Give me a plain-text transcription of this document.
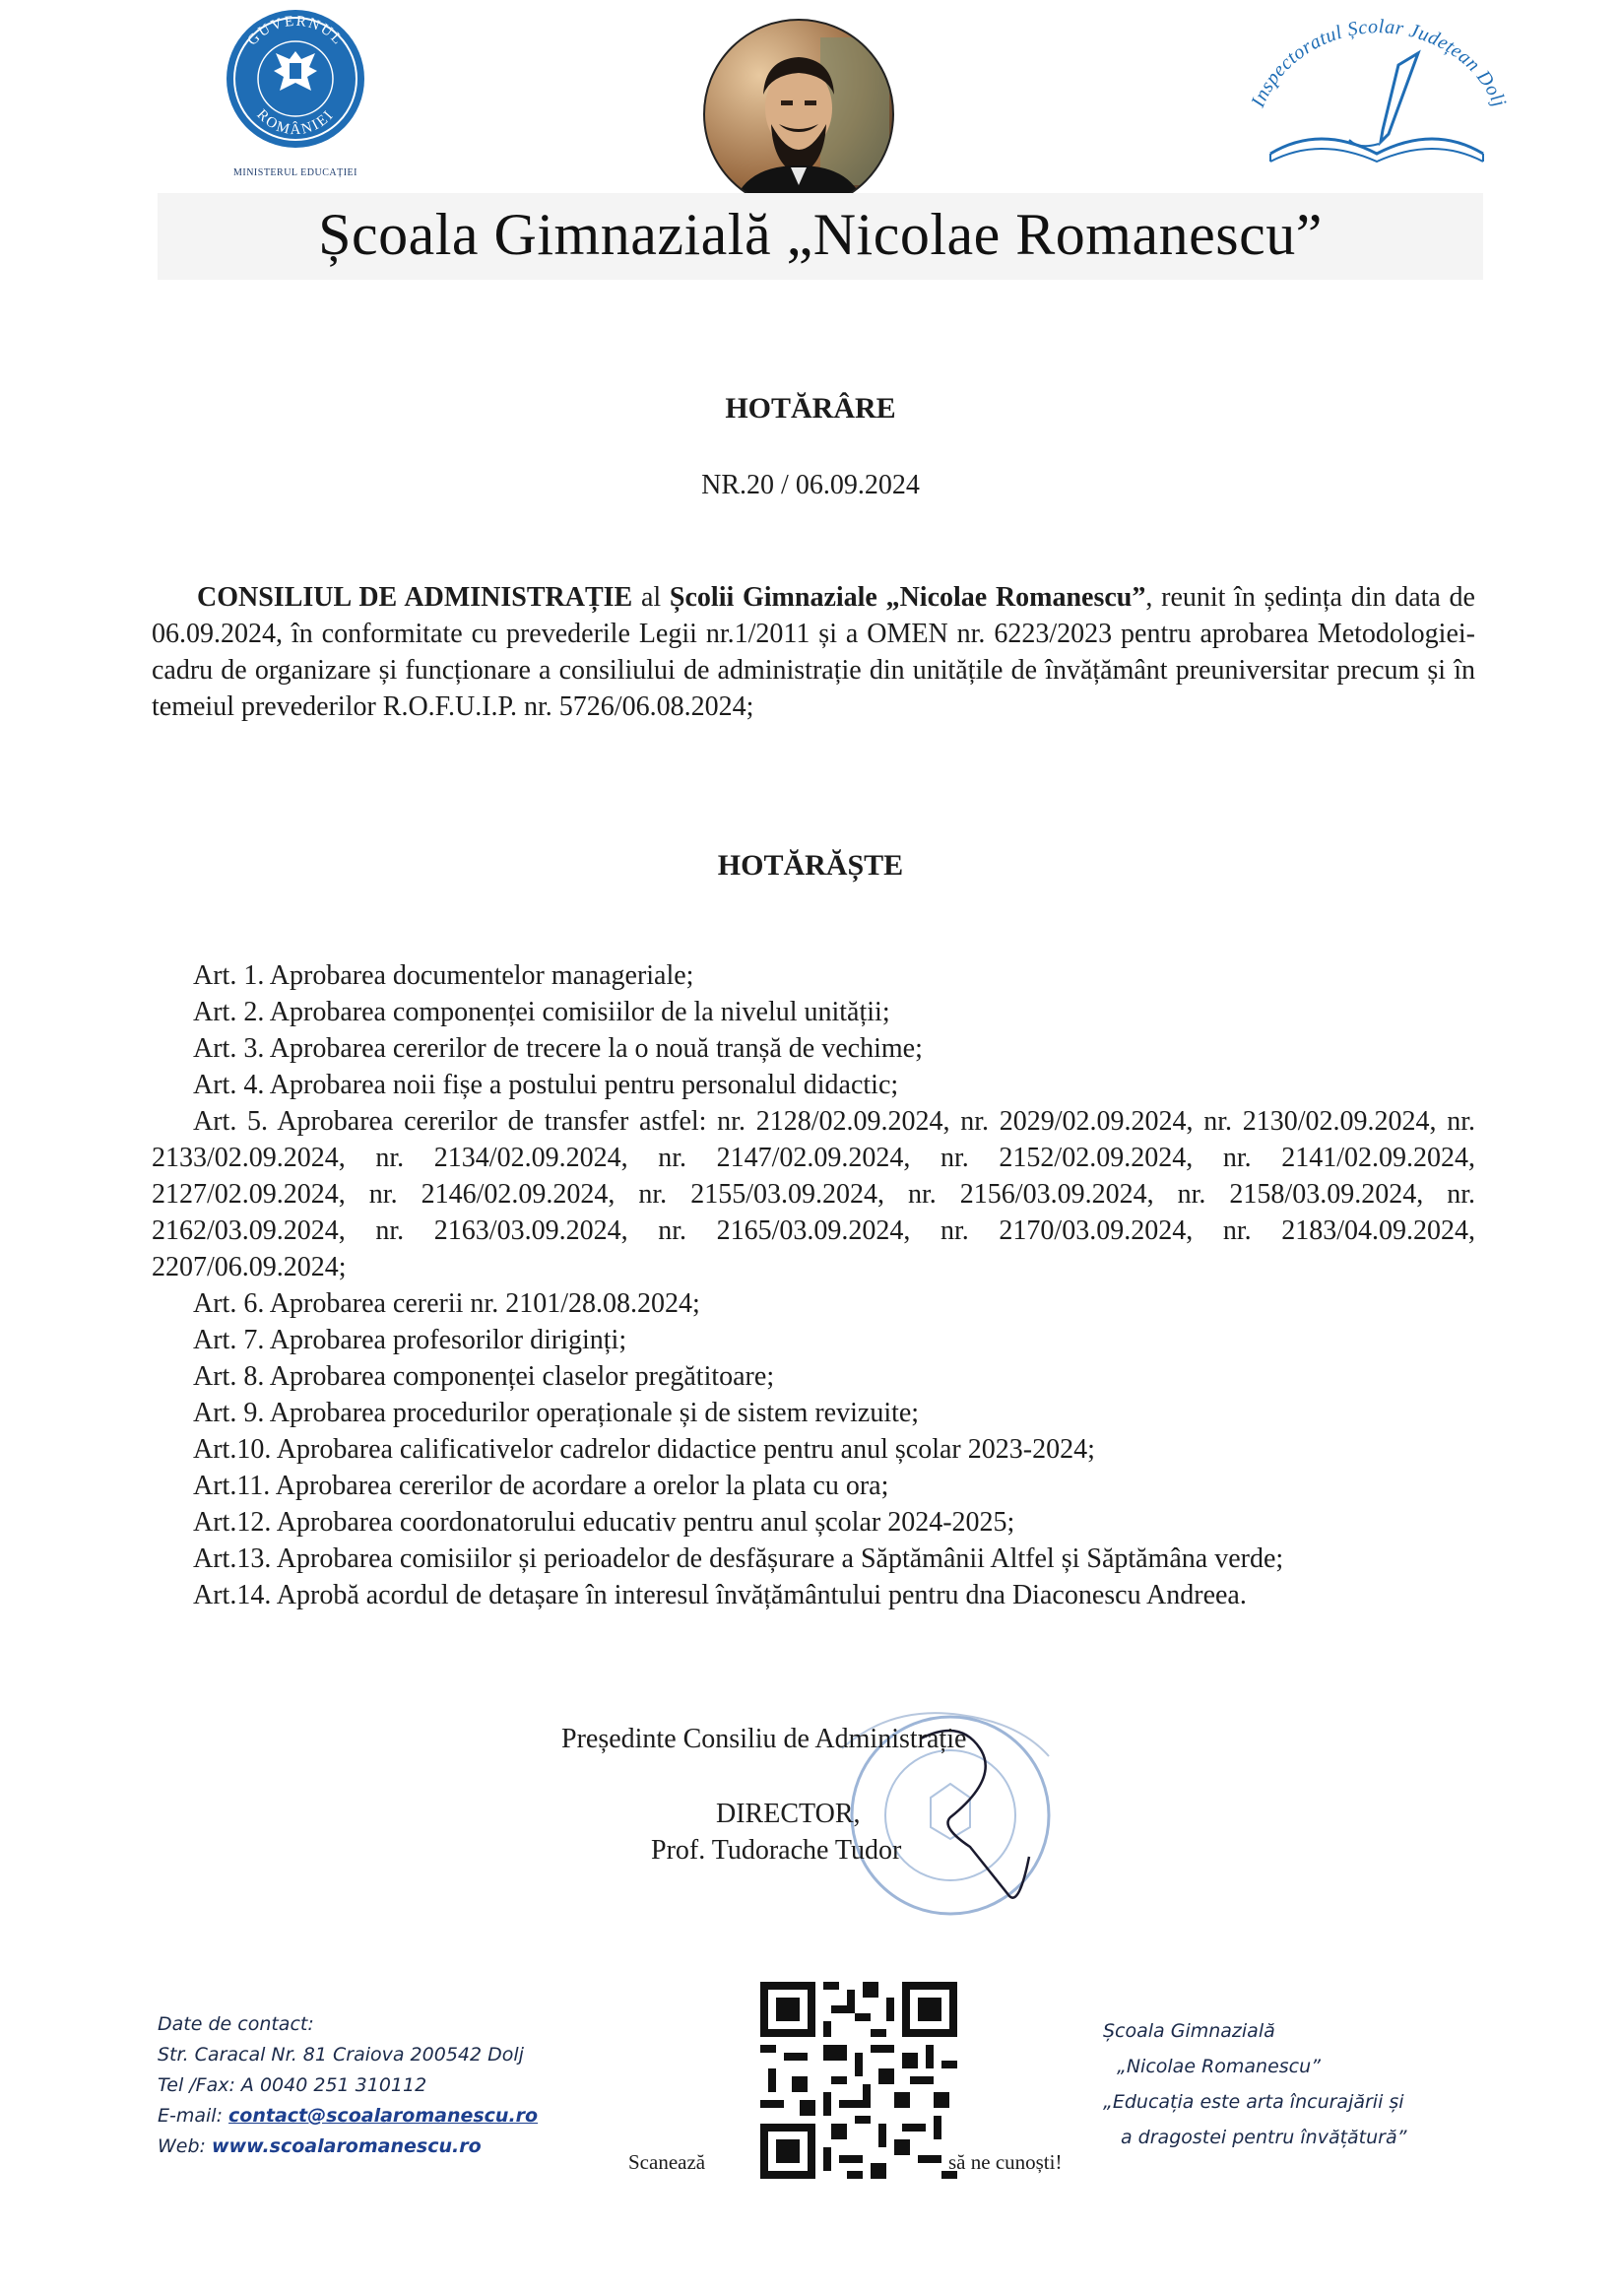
GUVERNUL
ROMÂNIEI
MINISTERUL EDUCAȚIEI
Inspectoratul Școlar Județean Dolj
Școala Gimnazială „Nicolae Romanescu”
HOTĂRÂRE
NR.20 / 06.09.2024

CONSILIUL DE ADMINISTRAȚIE al Școlii Gimnaziale „Nicolae Romanescu”, reunit în ședința din data de 06.09.2024, în conformitate cu prevederile Legii nr.1/2011 și a OMEN nr. 6223/2023 pentru aprobarea Metodologiei-cadru de organizare și funcționare a consiliului de administrație din unitățile de învățământ preuniversitar precum și în temeiul prevederilor R.O.F.U.I.P. nr. 5726/06.08.2024;

HOTĂRĂȘTE
Art. 1. Aprobarea documentelor manageriale;
Art. 2. Aprobarea componenței comisiilor de la nivelul unității;
Art. 3. Aprobarea cererilor de trecere la o nouă tranșă de vechime;
Art. 4. Aprobarea noii fișe a postului pentru personalul didactic;
Art. 5. Aprobarea cererilor de transfer astfel: nr. 2128/02.09.2024, nr. 2029/02.09.2024, nr. 2130/02.09.2024, nr. 2133/02.09.2024, nr. 2134/02.09.2024, nr. 2147/02.09.2024, nr. 2152/02.09.2024, nr. 2141/02.09.2024, 2127/02.09.2024, nr. 2146/02.09.2024, nr. 2155/03.09.2024, nr. 2156/03.09.2024, nr. 2158/03.09.2024, nr. 2162/03.09.2024, nr. 2163/03.09.2024, nr. 2165/03.09.2024, nr. 2170/03.09.2024, nr. 2183/04.09.2024, 2207/06.09.2024;
Art. 6. Aprobarea cererii nr. 2101/28.08.2024;
Art. 7. Aprobarea profesorilor diriginți;
Art. 8. Aprobarea componenței claselor pregătitoare;
Art. 9. Aprobarea procedurilor operaționale și de sistem revizuite;
Art.10. Aprobarea calificativelor cadrelor didactice pentru anul școlar 2023-2024;
Art.11. Aprobarea cererilor de acordare a orelor la plata cu ora;
Art.12. Aprobarea coordonatorului educativ pentru anul școlar 2024-2025;
Art.13. Aprobarea comisiilor și perioadelor de desfășurare a Săptămânii Altfel și Săptămâna verde;
Art.14. Aprobă acordul de detașare în interesul învățământului pentru dna Diaconescu Andreea.
Președinte Consiliu de Administrație
DIRECTOR,
Prof. Tudorache Tudor
Date de contact:
Str. Caracal Nr. 81 Craiova 200542 Dolj
Tel /Fax: A 0040 251 310112
E-mail: contact@scoalaromanescu.ro
Web: www.scoalaromanescu.ro
Scanează	să ne cunoști!
Școala Gimnazială
„Nicolae Romanescu”
„Educația este arta încurajării și
a dragostei pentru învățătură”
